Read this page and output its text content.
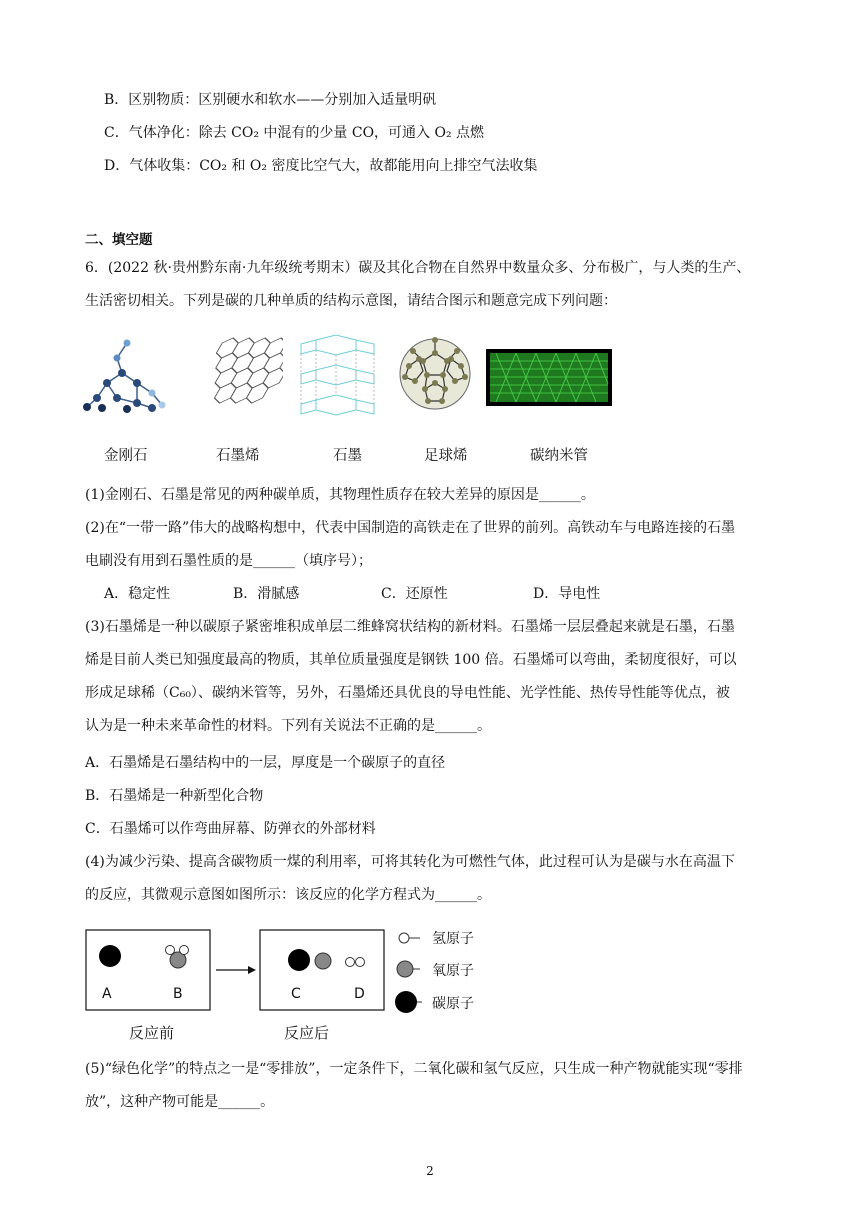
B．区别物质：区别硬水和软水——分别加入适量明矾
C．气体净化：除去 CO₂ 中混有的少量 CO，可通入 O₂ 点燃
D．气体收集：CO₂ 和 O₂ 密度比空气大，故都能用向上排空气法收集
二、填空题
6．(2022 秋·贵州黔东南·九年级统考期末）碳及其化合物在自然界中数量众多、分布极广，与人类的生产、
生活密切相关。下列是碳的几种单质的结构示意图，请结合图示和题意完成下列问题：
金刚石	石墨烯	石墨	足球烯	碳纳米管
(1)金刚石、石墨是常见的两种碳单质，其物理性质存在较大差异的原因是______。
(2)在“一带一路”伟大的战略构想中，代表中国制造的高铁走在了世界的前列。高铁动车与电路连接的石墨
电刷没有用到石墨性质的是______（填序号）；
A．稳定性	B．滑腻感	C．还原性	D．导电性
(3)石墨烯是一种以碳原子紧密堆积成单层二维蜂窝状结构的新材料。石墨烯一层层叠起来就是石墨，石墨
烯是目前人类已知强度最高的物质，其单位质量强度是钢铁 100 倍。石墨烯可以弯曲，柔韧度很好，可以
形成足球稀（C₆₀）、碳纳米管等，另外，石墨烯还具优良的导电性能、光学性能、热传导性能等优点，被
认为是一种未来革命性的材料。下列有关说法不正确的是______。
A．石墨烯是石墨结构中的一层，厚度是一个碳原子的直径
B．石墨烯是一种新型化合物
C．石墨烯可以作弯曲屏幕、防弹衣的外部材料
(4)为减少污染、提高含碳物质一煤的利用率，可将其转化为可燃性气体，此过程可认为是碳与水在高温下
的反应，其微观示意图如图所示：该反应的化学方程式为______。
A	B	C	D
反应前	反应后
氢原子
氧原子
碳原子
(5)“绿色化学”的特点之一是“零排放”，一定条件下，二氧化碳和氢气反应，只生成一种产物就能实现“零排
放”，这种产物可能是______。
2
